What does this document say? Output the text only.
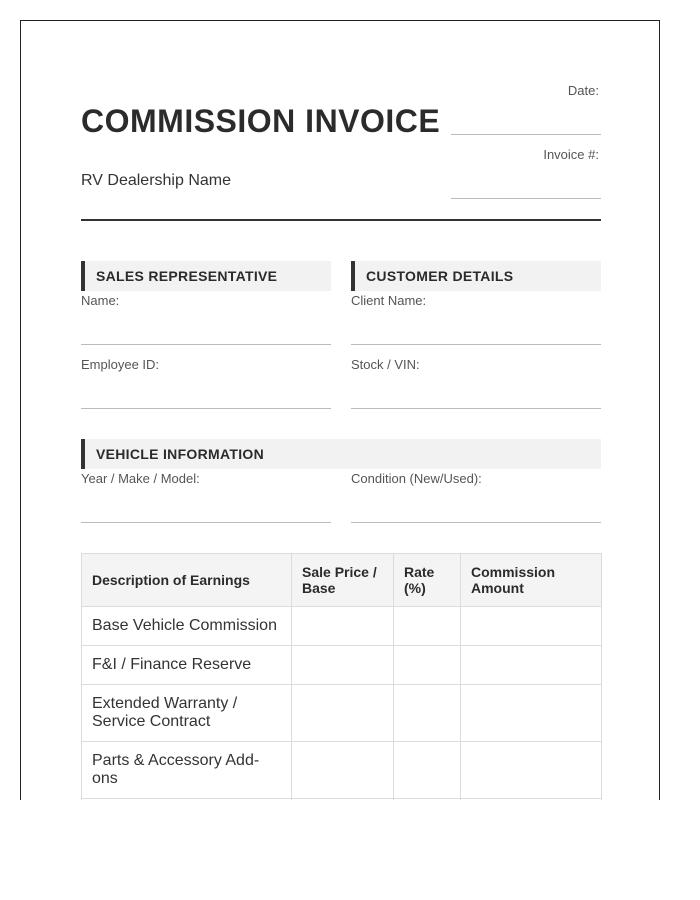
COMMISSION INVOICE
RV Dealership Name
Date:
Invoice #:
SALES REPRESENTATIVE
Name:
Employee ID:
CUSTOMER DETAILS
Client Name:
Stock / VIN:
VEHICLE INFORMATION
Year / Make / Model:	Condition (New/Used):
Description of Earnings	Sale Price / Base	Rate (%)	Commission Amount
Base Vehicle Commission			
F&I / Finance Reserve			
Extended Warranty / Service Contract			
Parts & Accessory Add-ons			
